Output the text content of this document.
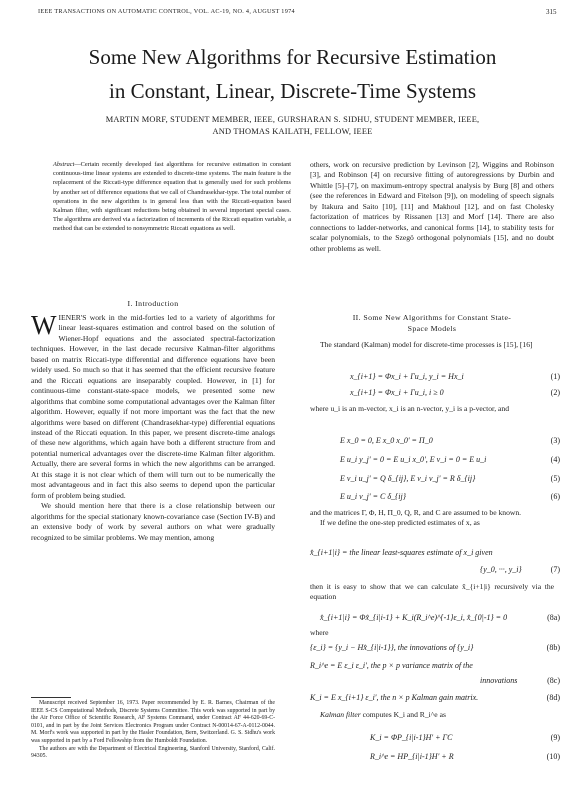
IEEE TRANSACTIONS ON AUTOMATIC CONTROL, VOL. AC-19, NO. 4, AUGUST 1974	315
Some New Algorithms for Recursive Estimation
in Constant, Linear, Discrete-Time Systems
MARTIN MORF, STUDENT MEMBER, IEEE, GURSHARAN S. SIDHU, STUDENT MEMBER, IEEE,
AND THOMAS KAILATH, FELLOW, IEEE
Abstract—Certain recently developed fast algorithms for recursive estimation in constant continuous-time linear systems are extended to discrete-time systems. The main feature is the replacement of the Riccati-type difference equation that is generally used for such problems by another set of difference equations that we call of Chandrasekhar-type. The total number of operations in the new algorithm is in general less than with the Riccati-equation based Kalman filter, with significant reductions being obtained in several important special cases. The algorithms are derived via a factorization of increments of the Riccati equation variable, a method that can be extended to nonsymmetric Riccati equations as well.
I. Introduction

WIENER'S work in the mid-forties led to a variety of algorithms for linear least-squares estimation and control based on the solution of Wiener-Hopf equations and the associated spectral-factorization techniques. However, in the last decade recursive Kalman-filter algorithms based on matrix Riccati-type differential and difference equations have been widely used. So much so that it has seemed that the efficient recursive feature and the Riccati equations are inseparably coupled. However, in [1] for continuous-time constant-state-space models, we presented some new algorithms that combine some computational advantages over the Kalman filter algorithm. However, equally if not more important was the fact that the new algorithms were based on different (Chandrasekhar-type) differential equations instead of the Riccati equation. In this paper, we present discrete-time analogs of these new algorithms, which again have both a different structure from and potential numerical advantages over the discrete-time Kalman filter algorithm. Actually, there are several forms in which the new algorithms can be arranged. At this stage it is not clear which of them will turn out to be numerically the most advantageous and in fact this also seems to depend upon the particular form of problem being studied.

We should mention here that there is a close relationship between our algorithms for the special stationary known-covariance case (Section IV-B) and an extensive body of work by several authors on what were gradually recognized to be similar problems. We may mention, among

Manuscript received September 16, 1973. Paper recommended by E. R. Barnes, Chairman of the IEEE S-CS Computational Methods, Discrete Systems Committee. This work was supported in part by the Air Force Office of Scientific Research, AF Systems Command, under Contract AF 44-620-69-C-0101, and in part by the Joint Services Electronics Program under Contract N-00014-67-A-0112-0044. M. Morf's work was supported in part by the Hasler Foundation, Bern, Switzerland. G. S. Sidhu's work was supported in part by a Ford Fellowship from the Humboldt Foundation.

The authors are with the Department of Electrical Engineering, Stanford University, Stanford, Calif. 94305.

others, work on recursive prediction by Levinson [2], Wiggins and Robinson [3], and Robinson [4] on recursive fitting of autoregressions by Durbin and Whittle [5]–[7], on maximum-entropy spectral analysis by Burg [8] and others (see the references in Edward and Fitelson [9]), on modeling of speech signals by Itakura and Saito [10], [11] and Makhoul [12], and on fast Cholesky factorization of matrices by Rissanen [13] and Morf [14]. There are also connections to ladder-networks, and canonical forms [14], to stability tests for scalar polynomials, to the Szegö orthogonal polynomials [15], and no doubt other problems as well.

II. Some New Algorithms for Constant State-
Space Models

The standard (Kalman) model for discrete-time processes is [15], [16]

x_{i+1} = Φx_i + Γu_i, y_i = Hx_i	(1)
x_{i+1} = Φx_i + Γu_i, i ≥ 0	(2)

where u_i is an m-vector, x_i is an n-vector, y_i is a p-vector, and

E x_0 = 0, E x_0 x_0' = Π_0	(3)
E u_i y_j' = 0 = E u_i x_0', E v_i = 0 = E u_i	(4)
E v_i u_j' = Q δ_{ij}, E v_i v_j' = R δ_{ij}	(5)
E u_i v_j' = C δ_{ij}	(6)

and the matrices Γ, Φ, H, Π_0, Q, R, and C are assumed to be known.

If we define the one-step predicted estimates of x, as

x̂_{i+1|i} = the linear least-squares estimate of x_i given
{y_0, ···, y_i}	(7)

then it is easy to show that we can calculate x̂_{i+1|i} recursively via the equation

x̂_{i+1|i} = Φx̂_{i|i-1} + K_i(R_i^e)^{-1}ε_i, x̂_{0|-1} = 0	(8a)

where

{ε_i} = {y_i − Hx̂_{i|i-1}}, the innovations of {y_i}	(8b)
R_i^e = E ε_i ε_i', the p × p variance matrix of the
innovations	(8c)
K_i = E x_{i+1} ε_i', the n × p Kalman gain matrix.	(8d)

Kalman filter computes K_i and R_i^e as

K_i = ΦP_{i|i-1}H' + ΓC	(9)
R_i^e = HP_{i|i-1}H' + R	(10)
